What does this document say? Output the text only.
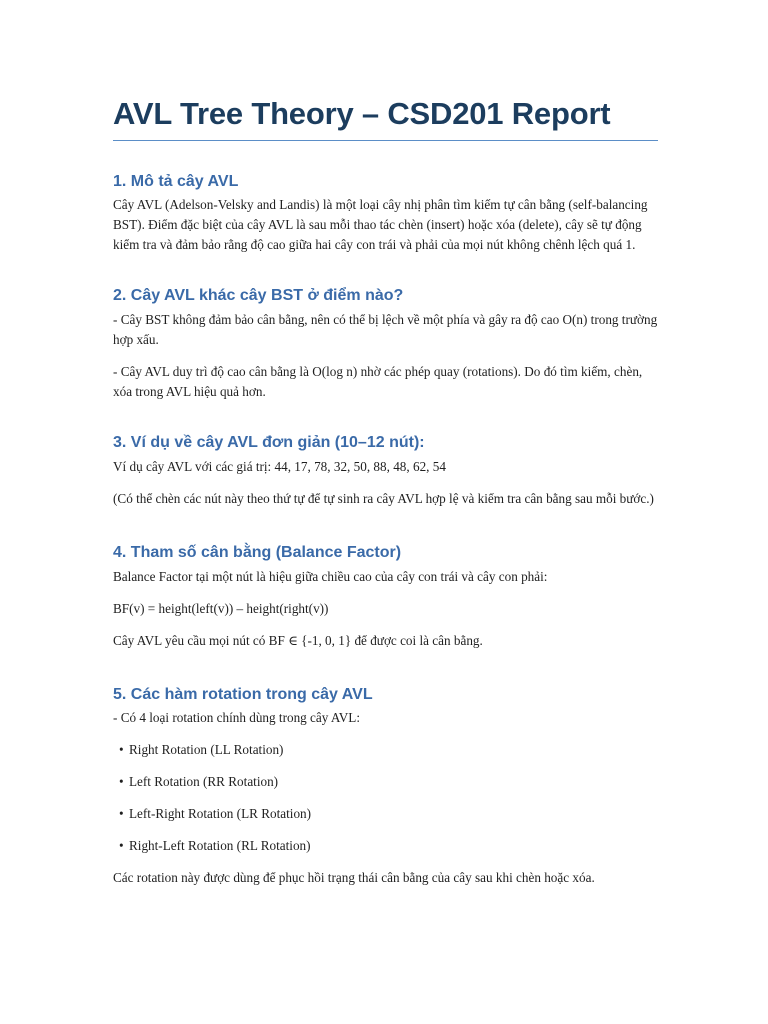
AVL Tree Theory – CSD201 Report
1. Mô tả cây AVL

Cây AVL (Adelson-Velsky and Landis) là một loại cây nhị phân tìm kiếm tự cân bằng (self-balancing BST). Điểm đặc biệt của cây AVL là sau mỗi thao tác chèn (insert) hoặc xóa (delete), cây sẽ tự động kiểm tra và đảm bảo rằng độ cao giữa hai cây con trái và phải của mọi nút không chênh lệch quá 1.

2. Cây AVL khác cây BST ở điểm nào?

- Cây BST không đảm bảo cân bằng, nên có thể bị lệch về một phía và gây ra độ cao O(n) trong trường hợp xấu.

- Cây AVL duy trì độ cao cân bằng là O(log n) nhờ các phép quay (rotations). Do đó tìm kiếm, chèn, xóa trong AVL hiệu quả hơn.

3. Ví dụ về cây AVL đơn giản (10–12 nút):

Ví dụ cây AVL với các giá trị: 44, 17, 78, 32, 50, 88, 48, 62, 54

(Có thể chèn các nút này theo thứ tự để tự sinh ra cây AVL hợp lệ và kiểm tra cân bằng sau mỗi bước.)

4. Tham số cân bằng (Balance Factor)

Balance Factor tại một nút là hiệu giữa chiều cao của cây con trái và cây con phải:

BF(v) = height(left(v)) – height(right(v))

Cây AVL yêu cầu mọi nút có BF ∈ {-1, 0, 1} để được coi là cân bằng.

5. Các hàm rotation trong cây AVL

- Có 4 loại rotation chính dùng trong cây AVL:

• Right Rotation (LL Rotation)

• Left Rotation (RR Rotation)

• Left-Right Rotation (LR Rotation)

• Right-Left Rotation (RL Rotation)

Các rotation này được dùng để phục hồi trạng thái cân bằng của cây sau khi chèn hoặc xóa.
